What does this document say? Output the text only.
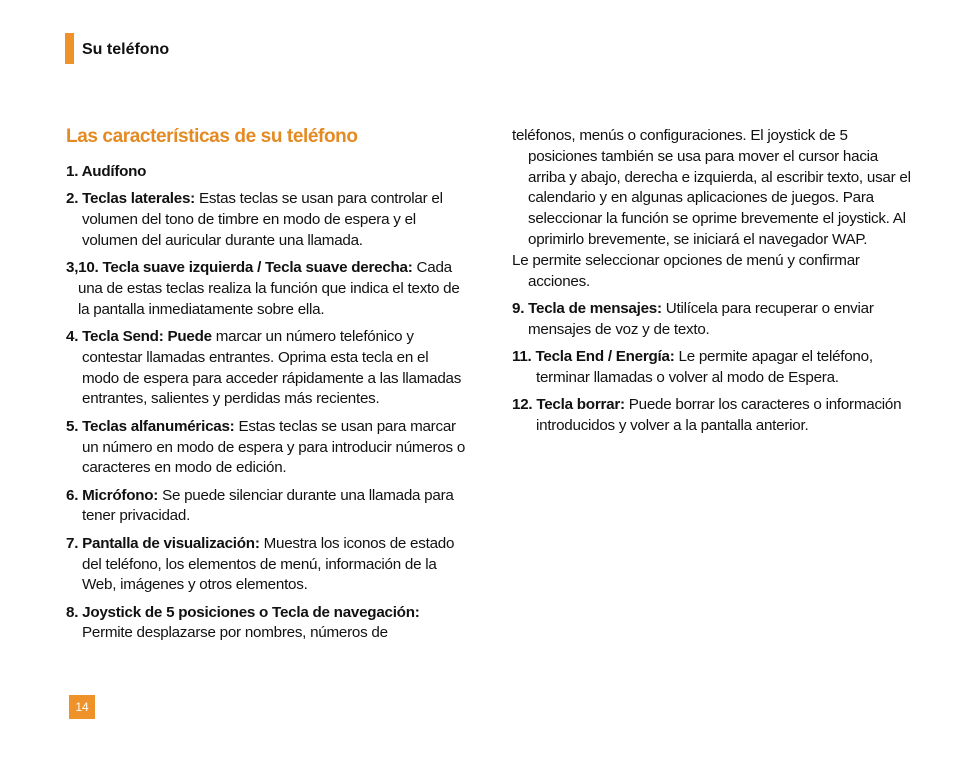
Su teléfono
Las características de su teléfono
1. Audífono
2. Teclas laterales: Estas teclas se usan para controlar el volumen del tono de timbre en modo de espera y el volumen del auricular durante una llamada.
3,10. Tecla suave izquierda / Tecla suave derecha: Cada una de estas teclas realiza la función que indica el texto de la pantalla inmediatamente sobre ella.
4. Tecla Send: Puede marcar un número telefónico y contestar llamadas entrantes. Oprima esta tecla en el modo de espera para acceder rápidamente a las llamadas entrantes, salientes y perdidas más recientes.
5. Teclas alfanuméricas: Estas teclas se usan para marcar un número en modo de espera y para introducir números o caracteres en modo de edición.
6. Micrófono: Se puede silenciar durante una llamada para tener privacidad.
7. Pantalla de visualización: Muestra los iconos de estado del teléfono, los elementos de menú, información de la Web, imágenes y otros elementos.
8. Joystick de 5 posiciones o Tecla de navegación: Permite desplazarse por nombres, números de

teléfonos, menús o configuraciones. El joystick de 5 posiciones también se usa para mover el cursor hacia arriba y abajo, derecha e izquierda, al escribir texto, usar el calendario y en algunas aplicaciones de juegos. Para seleccionar la función se oprime brevemente el joystick. Al oprimirlo brevemente, se iniciará el navegador WAP.

Le permite seleccionar opciones de menú y confirmar acciones.

9. Tecla de mensajes: Utilícela para recuperar o enviar mensajes de voz y de texto.
11. Tecla End / Energía: Le permite apagar el teléfono, terminar llamadas o volver al modo de Espera.
12. Tecla borrar: Puede borrar los caracteres o información introducidos y volver a la pantalla anterior.
14
